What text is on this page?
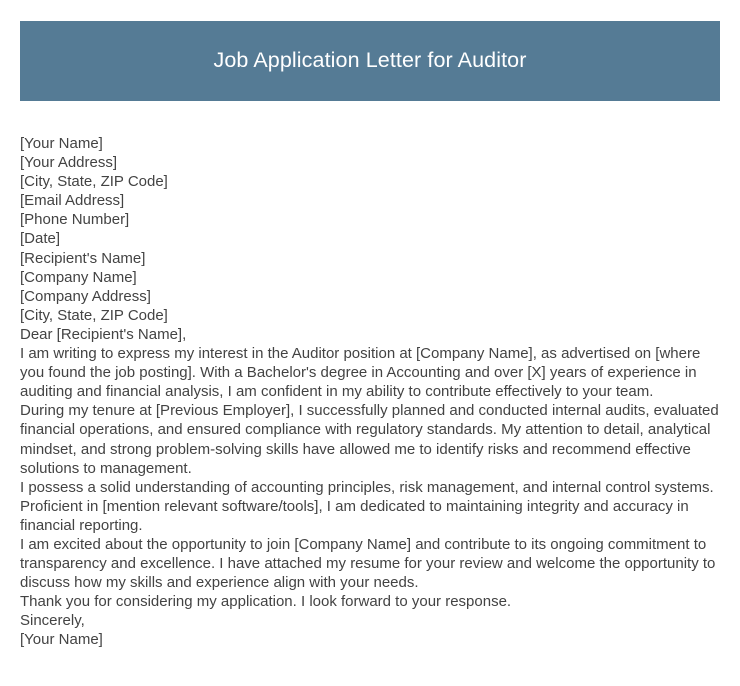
Job Application Letter for Auditor
[Your Name]
[Your Address]
[City, State, ZIP Code]
[Email Address]
[Phone Number]
[Date]
[Recipient's Name]
[Company Name]
[Company Address]
[City, State, ZIP Code]
Dear [Recipient's Name],

I am writing to express my interest in the Auditor position at [Company Name], as advertised on [where you found the job posting]. With a Bachelor's degree in Accounting and over [X] years of experience in auditing and financial analysis, I am confident in my ability to contribute effectively to your team.

During my tenure at [Previous Employer], I successfully planned and conducted internal audits, evaluated financial operations, and ensured compliance with regulatory standards. My attention to detail, analytical mindset, and strong problem-solving skills have allowed me to identify risks and recommend effective solutions to management.

I possess a solid understanding of accounting principles, risk management, and internal control systems. Proficient in [mention relevant software/tools], I am dedicated to maintaining integrity and accuracy in financial reporting.

I am excited about the opportunity to join [Company Name] and contribute to its ongoing commitment to transparency and excellence. I have attached my resume for your review and welcome the opportunity to discuss how my skills and experience align with your needs.

Thank you for considering my application. I look forward to your response.

Sincerely,
[Your Name]
